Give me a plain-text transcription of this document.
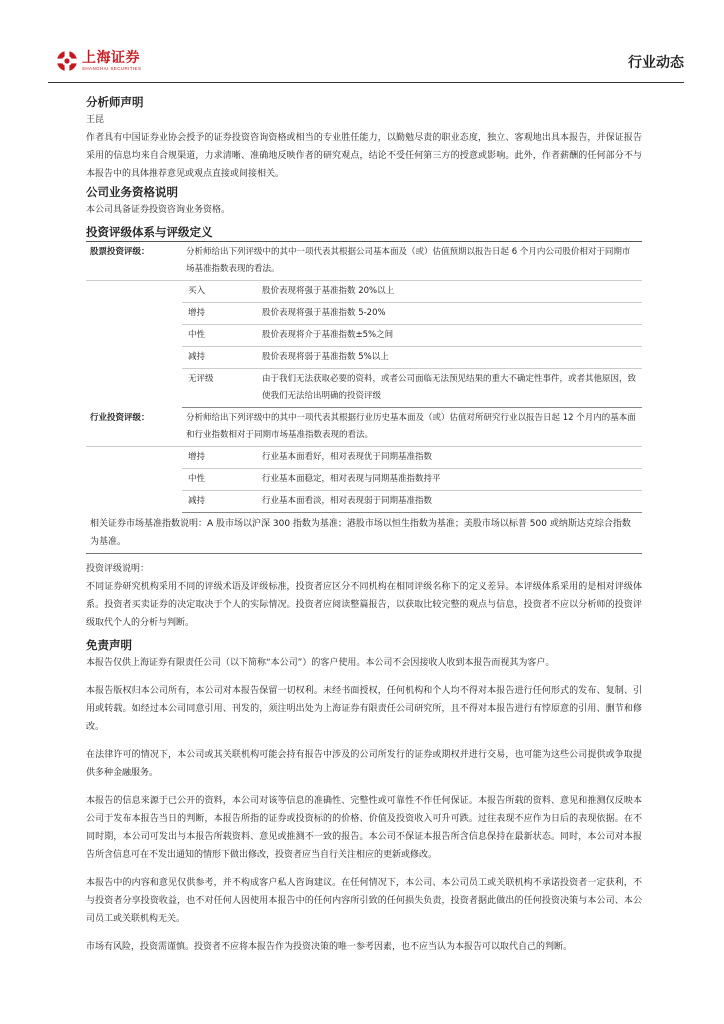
上海证券
SHANGHAI SECURITIES	行业动态
分析师声明

王昆

作者具有中国证券业协会授予的证券投资咨询资格或相当的专业胜任能力，以勤勉尽责的职业态度，独立、客观地出具本报告，并保证报告采用的信息均来自合规渠道，力求清晰、准确地反映作者的研究观点，结论不受任何第三方的授意或影响。此外，作者薪酬的任何部分不与本报告中的具体推荐意见或观点直接或间接相关。

公司业务资格说明

本公司具备证券投资咨询业务资格。

投资评级体系与评级定义
股票投资评级：	分析师给出下列评级中的其中一项代表其根据公司基本面及（或）估值预期以报告日起 6 个月内公司股价相对于同期市场基准指数表现的看法。	
	买入	股价表现将强于基准指数 20%以上
	增持	股价表现将强于基准指数 5-20%
	中性	股价表现将介于基准指数±5%之间
	减持	股价表现将弱于基准指数 5%以上
	无评级	由于我们无法获取必要的资料，或者公司面临无法预见结果的重大不确定性事件，或者其他原因，致使我们无法给出明确的投资评级
行业投资评级：	分析师给出下列评级中的其中一项代表其根据行业历史基本面及（或）估值对所研究行业以报告日起 12 个月内的基本面和行业指数相对于同期市场基准指数表现的看法。	
	增持	行业基本面看好，相对表现优于同期基准指数
	中性	行业基本面稳定，相对表现与同期基准指数持平
	减持	行业基本面看淡，相对表现弱于同期基准指数
相关证券市场基准指数说明：A 股市场以沪深 300 指数为基准；港股市场以恒生指数为基准；美股市场以标普 500 或纳斯达克综合指数为基准。
投资评级说明：

不同证券研究机构采用不同的评级术语及评级标准，投资者应区分不同机构在相同评级名称下的定义差异。本评级体系采用的是相对评级体系。投资者买卖证券的决定取决于个人的实际情况。投资者应阅读整篇报告，以获取比较完整的观点与信息，投资者不应以分析师的投资评级取代个人的分析与判断。

免责声明

本报告仅供上海证券有限责任公司（以下简称“本公司”）的客户使用。本公司不会因接收人收到本报告而视其为客户。

本报告版权归本公司所有，本公司对本报告保留一切权利。未经书面授权，任何机构和个人均不得对本报告进行任何形式的发布、复制、引用或转载。如经过本公司同意引用、刊发的，须注明出处为上海证券有限责任公司研究所，且不得对本报告进行有悖原意的引用、删节和修改。

在法律许可的情况下，本公司或其关联机构可能会持有报告中涉及的公司所发行的证券或期权并进行交易，也可能为这些公司提供或争取提供多种金融服务。

本报告的信息来源于已公开的资料，本公司对该等信息的准确性、完整性或可靠性不作任何保证。本报告所载的资料、意见和推测仅反映本公司于发布本报告当日的判断，本报告所指的证券或投资标的的价格、价值及投资收入可升可跌。过往表现不应作为日后的表现依据。在不同时期，本公司可发出与本报告所载资料、意见或推测不一致的报告。本公司不保证本报告所含信息保持在最新状态。同时，本公司对本报告所含信息可在不发出通知的情形下做出修改，投资者应当自行关注相应的更新或修改。

本报告中的内容和意见仅供参考，并不构成客户私人咨询建议。在任何情况下，本公司、本公司员工或关联机构不承诺投资者一定获利，不与投资者分享投资收益，也不对任何人因使用本报告中的任何内容所引致的任何损失负责，投资者据此做出的任何投资决策与本公司、本公司员工或关联机构无关。

市场有风险，投资需谨慎。投资者不应将本报告作为投资决策的唯一参考因素，也不应当认为本报告可以取代自己的判断。
